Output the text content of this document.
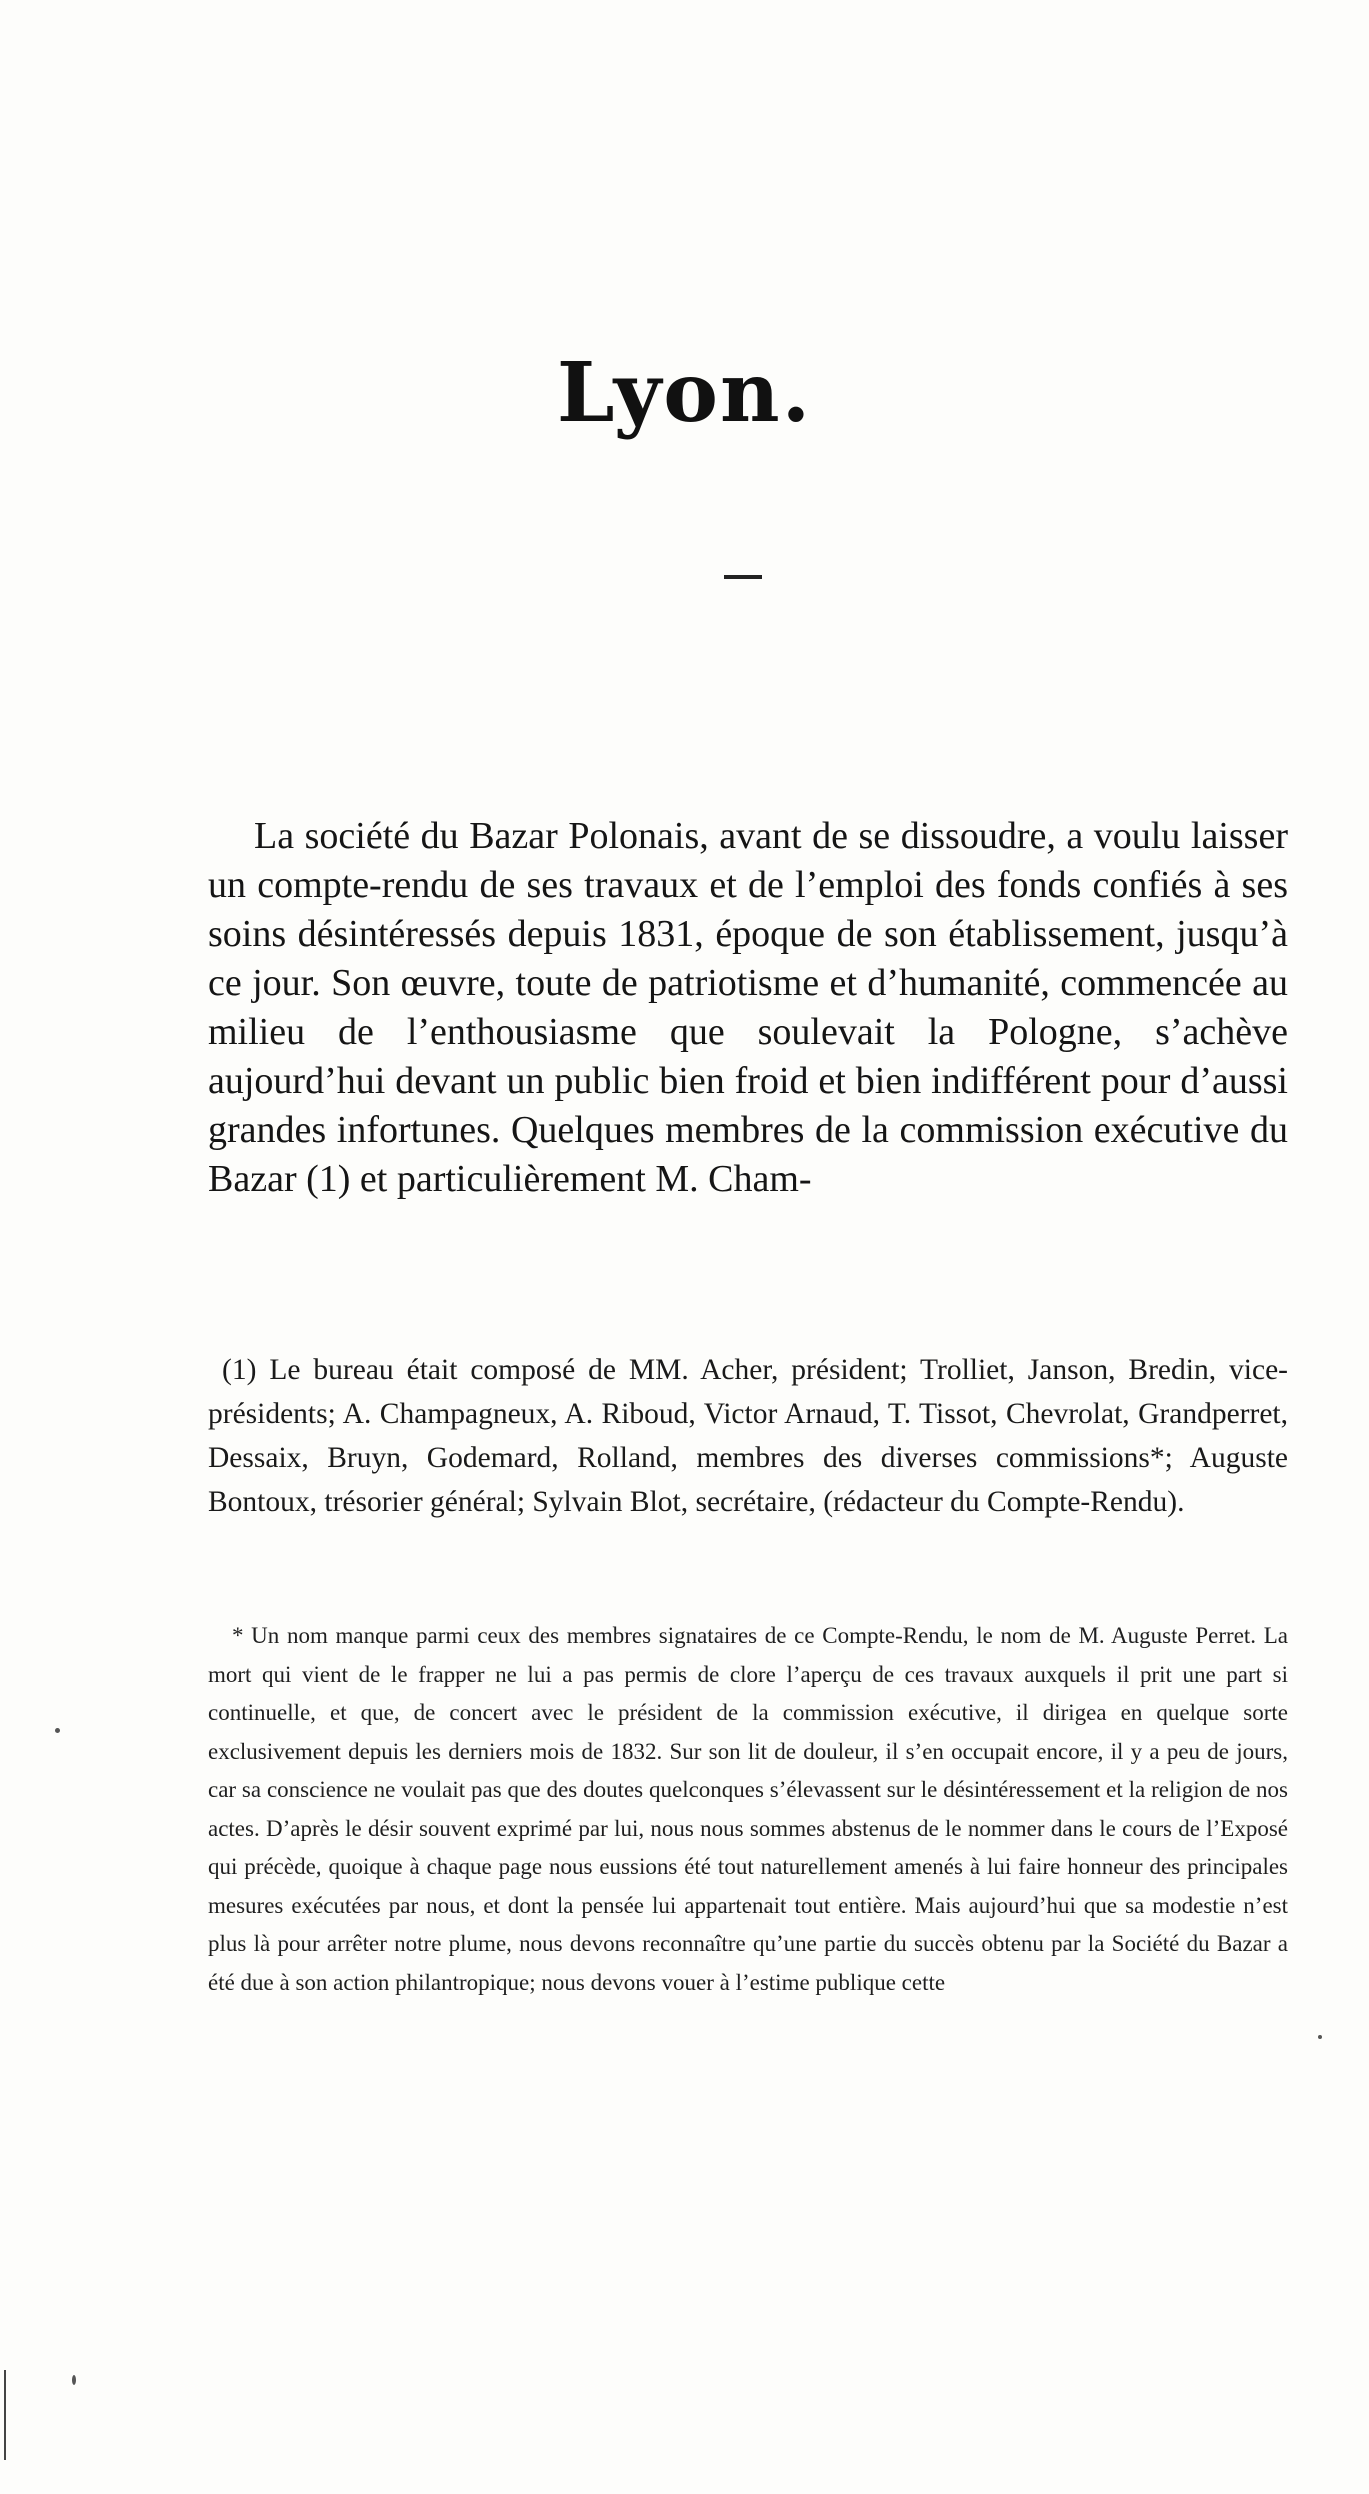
Lyon.

La société du Bazar Polonais, avant de se dissoudre, a voulu laisser un compte-rendu de ses travaux et de l’emploi des fonds confiés à ses soins désintéressés depuis 1831, époque de son établissement, jusqu’à ce jour. Son œuvre, toute de patriotisme et d’humanité, commencée au milieu de l’enthousiasme que soulevait la Pologne, s’achève aujourd’hui devant un public bien froid et bien indifférent pour d’aussi grandes infortunes. Quelques membres de la commission exécutive du Bazar (1) et particulièrement M. Cham-

(1) Le bureau était composé de MM. Acher, président; Trolliet, Janson, Bredin, vice-présidents; A. Champagneux, A. Riboud, Victor Arnaud, T. Tissot, Chevrolat, Grandperret, Dessaix, Bruyn, Godemard, Rolland, membres des diverses commissions*; Auguste Bontoux, trésorier général; Sylvain Blot, secrétaire, (rédacteur du Compte-Rendu).

* Un nom manque parmi ceux des membres signataires de ce Compte-Rendu, le nom de M. Auguste Perret. La mort qui vient de le frapper ne lui a pas permis de clore l’aperçu de ces travaux auxquels il prit une part si continuelle, et que, de concert avec le président de la commission exécutive, il dirigea en quelque sorte exclusivement depuis les derniers mois de 1832. Sur son lit de douleur, il s’en occupait encore, il y a peu de jours, car sa conscience ne voulait pas que des doutes quelconques s’élevassent sur le désintéressement et la religion de nos actes. D’après le désir souvent exprimé par lui, nous nous sommes abstenus de le nommer dans le cours de l’Exposé qui précède, quoique à chaque page nous eussions été tout naturellement amenés à lui faire honneur des principales mesures exécutées par nous, et dont la pensée lui appartenait tout entière. Mais aujourd’hui que sa modestie n’est plus là pour arrêter notre plume, nous devons reconnaître qu’une partie du succès obtenu par la Société du Bazar a été due à son action philantropique; nous devons vouer à l’estime publique cette
